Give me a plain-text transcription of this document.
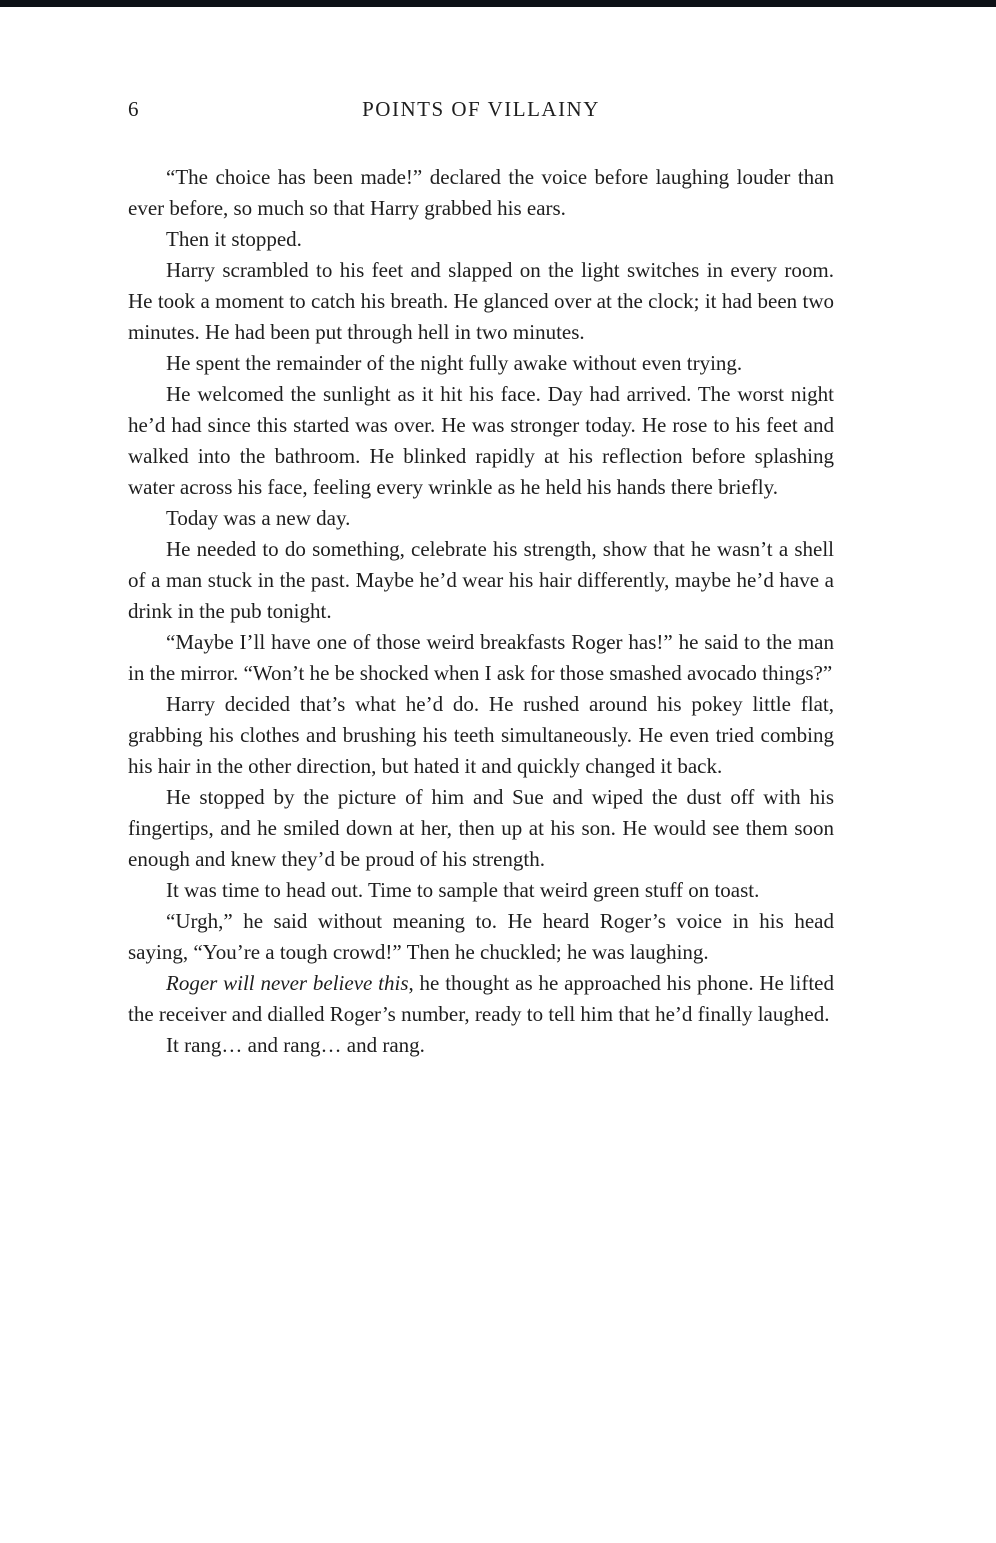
6	POINTS OF VILLAINY

“The choice has been made!” declared the voice before laughing louder than ever before, so much so that Harry grabbed his ears.

Then it stopped.

Harry scrambled to his feet and slapped on the light switches in every room. He took a moment to catch his breath. He glanced over at the clock; it had been two minutes. He had been put through hell in two minutes.

He spent the remainder of the night fully awake without even trying.

He welcomed the sunlight as it hit his face. Day had arrived. The worst night he’d had since this started was over. He was stronger today. He rose to his feet and walked into the bathroom. He blinked rapidly at his reflection before splashing water across his face, feeling every wrinkle as he held his hands there briefly.

Today was a new day.

He needed to do something, celebrate his strength, show that he wasn’t a shell of a man stuck in the past. Maybe he’d wear his hair differently, maybe he’d have a drink in the pub tonight.

“Maybe I’ll have one of those weird breakfasts Roger has!” he said to the man in the mirror. “Won’t he be shocked when I ask for those smashed avocado things?”

Harry decided that’s what he’d do. He rushed around his pokey little flat, grabbing his clothes and brushing his teeth simultaneously. He even tried combing his hair in the other direction, but hated it and quickly changed it back.

He stopped by the picture of him and Sue and wiped the dust off with his fingertips, and he smiled down at her, then up at his son. He would see them soon enough and knew they’d be proud of his strength.

It was time to head out. Time to sample that weird green stuff on toast.

“Urgh,” he said without meaning to. He heard Roger’s voice in his head saying, “You’re a tough crowd!” Then he chuckled; he was laughing.

Roger will never believe this, he thought as he approached his phone. He lifted the receiver and dialled Roger’s number, ready to tell him that he’d finally laughed.

It rang… and rang… and rang.
